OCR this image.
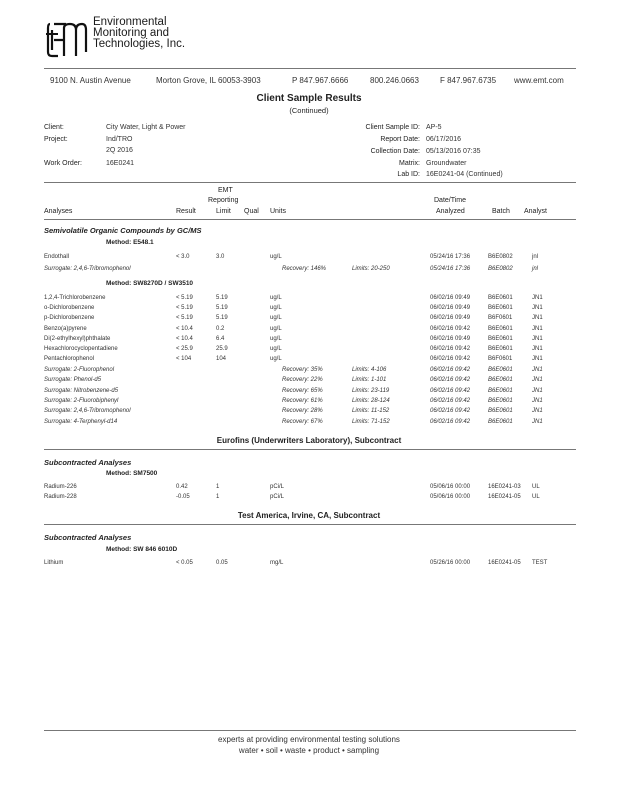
Environmental
Monitoring and
Technologies, Inc.
9100 N. Austin Avenue	Morton Grove, IL 60053-3903	P 847.967.6666	800.246.0663	F 847.967.6735 www.emt.com
Client Sample Results
(Continued)
Client:	City Water, Light & Power
Project:	Ind/TRO
2Q 2016
Work Order:	16E0241
Client Sample ID: AP-5
Report Date: 06/17/2016
Collection Date: 05/13/2016 07:35
Matrix: Groundwater
Lab ID: 16E0241-04 (Continued)
EMT
Reporting	Date/Time
Analyses	Result	Limit Qual Units	Analyzed	Batch Analyst
Semivolatile Organic Compounds by GC/MS
Method: E548.1
Endothall	< 3.0	3.0	ug/L	05/24/16 17:36	B6E0802	jnl
Surrogate: 2,4,6-Tribromophenol	Recovery: 146%	Limits: 20-250	05/24/16 17:36	B6E0802	jnl
Method: SW8270D / SW3510
1,2,4-Trichlorobenzene	< 5.19	5.19	ug/L	06/02/16 09:49	B6E0601	JN1
o-Dichlorobenzene	< 5.19	5.19	ug/L	06/02/16 09:49	B6E0601	JN1
p-Dichlorobenzene	< 5.19	5.19	ug/L	06/02/16 09:49	B6F0601	JN1
Benzo(a)pyrene	< 10.4	0.2	ug/L	06/02/16 09:42	B6E0601	JN1
Di(2-ethylhexyl)phthalate	< 10.4	6.4	ug/L	06/02/16 09:49	B6E0601	JN1
Hexachlorocyclopentadiene	< 25.9	25.9	ug/L	06/02/16 09:42	B6E0601	JN1
Pentachlorophenol	< 104	104	ug/L	06/02/16 09:42	B6F0601	JN1
Surrogate: 2-Fluorophenol	Recovery: 35%	Limits: 4-106	06/02/16 09:42	B6E0601	JN1
Surrogate: Phenol-d5	Recovery: 22%	Limits: 1-101	06/02/16 09:42	B6E0601	JN1
Surrogate: Nitrobenzene-d5	Recovery: 65%	Limits: 23-119	06/02/16 09:42	B6E0601	JN1
Surrogate: 2-Fluorobiphenyl	Recovery: 61%	Limits: 28-124	06/02/16 09:42	B6E0601	JN1
Surrogate: 2,4,6-Tribromophenol	Recovery: 28%	Limits: 11-152	06/02/16 09:42	B6E0601	JN1
Surrogate: 4-Terphenyl-d14	Recovery: 67%	Limits: 71-152	06/02/16 09:42	B6E0601	JN1
Eurofins (Underwriters Laboratory), Subcontract
Subcontracted Analyses
Method: SM7500
Radium-226	0.42	1	pCi/L	05/06/16 00:00	16E0241-03 UL
Radium-228	-0.05	1	pCi/L	05/06/16 00:00	16E0241-05 UL
Test America, Irvine, CA, Subcontract
Subcontracted Analyses
Method: SW 846 6010D
Lithium	< 0.05	0.05	mg/L	05/26/16 00:00	16E0241-05 TEST
experts at providing environmental testing solutions
water • soil • waste • product • sampling
